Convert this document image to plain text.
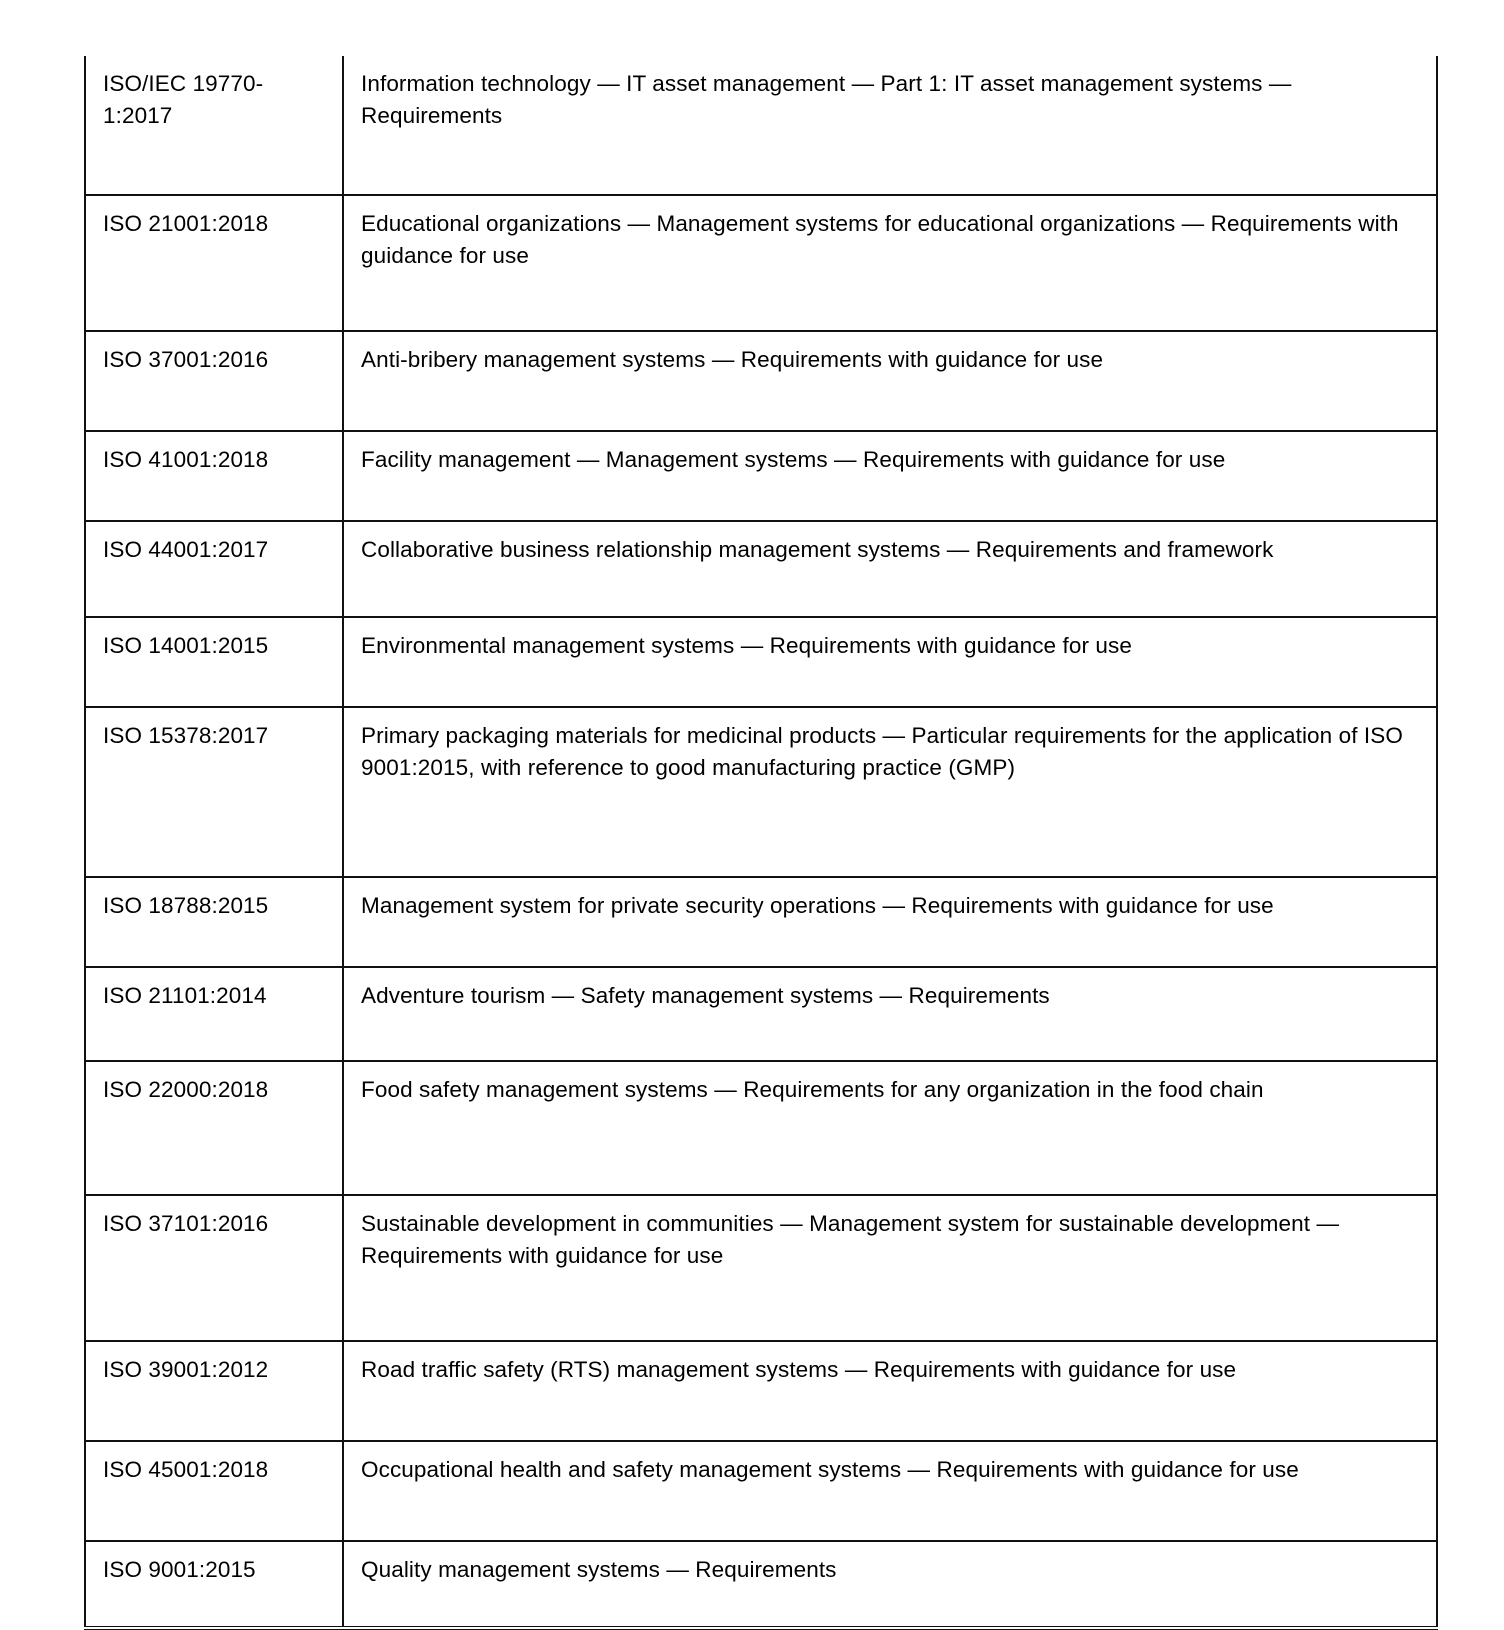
ISO/IEC 19770-1:2017	Information technology — IT asset management — Part 1: IT asset management systems — Requirements

ISO 21001:2018	Educational organizations — Management systems for educational organizations — Requirements with guidance for use

ISO 37001:2016	Anti-bribery management systems — Requirements with guidance for use

ISO 41001:2018	Facility management — Management systems — Requirements with guidance for use

ISO 44001:2017	Collaborative business relationship management systems — Requirements and framework

ISO 14001:2015	Environmental management systems — Requirements with guidance for use

ISO 15378:2017	Primary packaging materials for medicinal products — Particular requirements for the application of ISO 9001:2015, with reference to good manufacturing practice (GMP)

ISO 18788:2015	Management system for private security operations — Requirements with guidance for use

ISO 21101:2014	Adventure tourism — Safety management systems — Requirements

ISO 22000:2018	Food safety management systems — Requirements for any organization in the food chain

ISO 37101:2016	Sustainable development in communities — Management system for sustainable development — Requirements with guidance for use

ISO 39001:2012	Road traffic safety (RTS) management systems — Requirements with guidance for use

ISO 45001:2018	Occupational health and safety management systems — Requirements with guidance for use

ISO 9001:2015	Quality management systems — Requirements
